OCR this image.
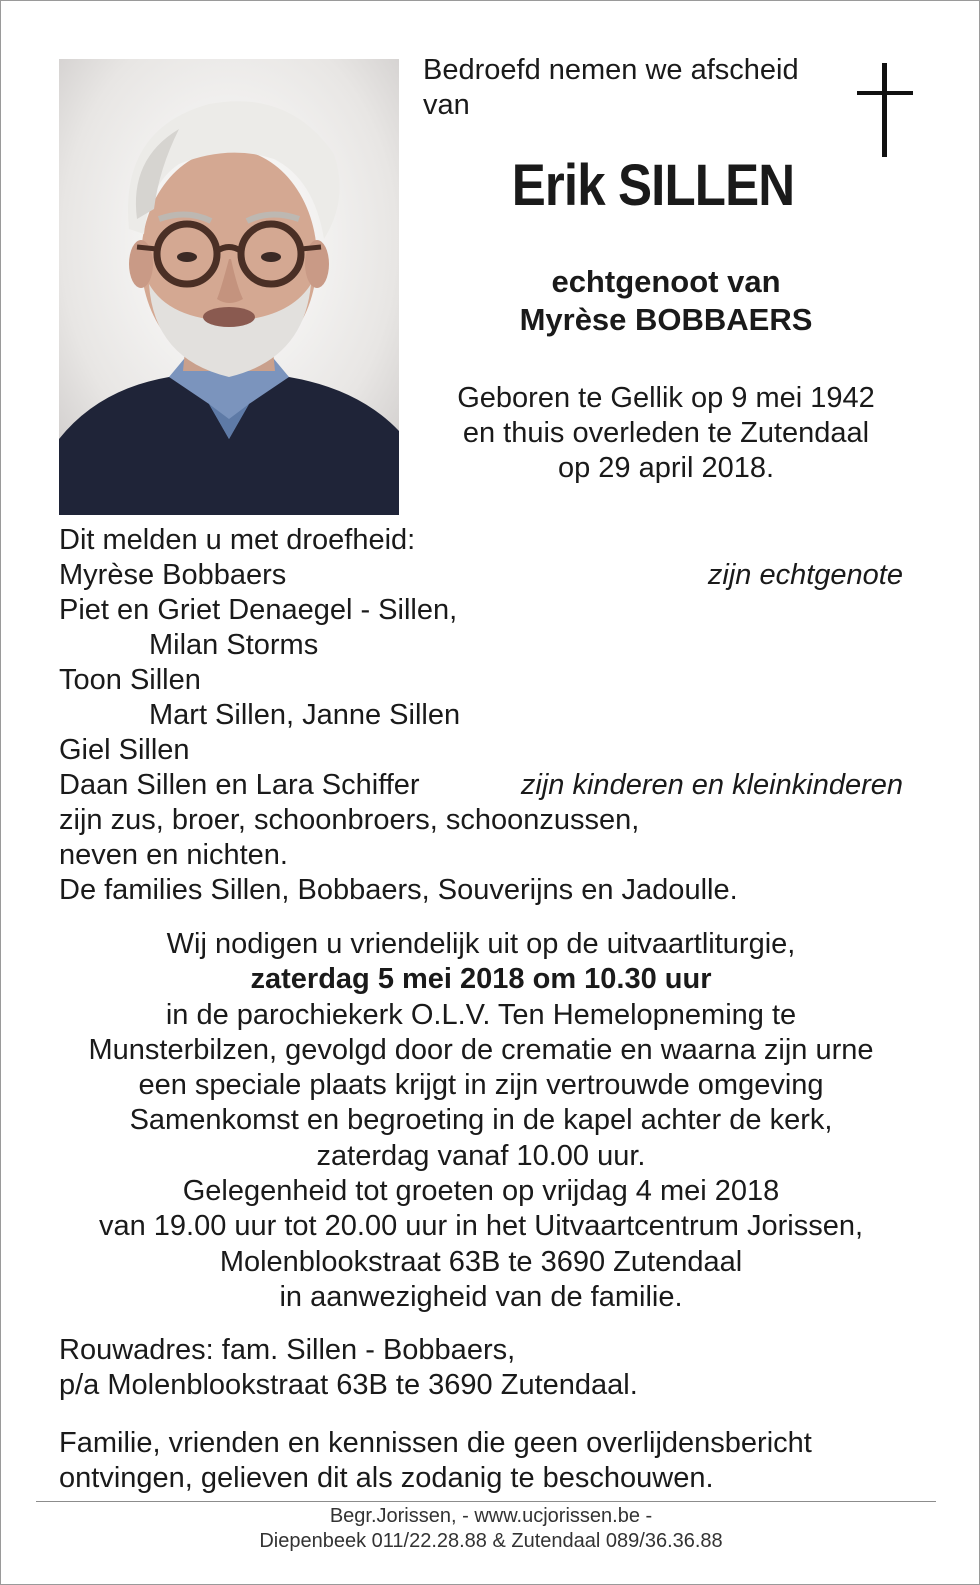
Bedroefd nemen we afscheid
van
Erik SILLEN
echtgenoot van
Myrèse BOBBAERS
Geboren te Gellik op 9 mei 1942
en thuis overleden te Zutendaal
op 29 april 2018.
Dit melden u met droefheid:
Myrèse Bobbaers	zijn echtgenote
Piet en Griet Denaegel - Sillen,
Milan Storms
Toon Sillen
Mart Sillen, Janne Sillen
Giel Sillen
Daan Sillen en Lara Schiffer	zijn kinderen en kleinkinderen
zijn zus, broer, schoonbroers, schoonzussen,
neven en nichten.
De families Sillen, Bobbaers, Souverijns en Jadoulle.
Wij nodigen u vriendelijk uit op de uitvaartliturgie,
zaterdag 5 mei 2018 om 10.30 uur
in de parochiekerk O.L.V. Ten Hemelopneming te
Munsterbilzen, gevolgd door de crematie en waarna zijn urne
een speciale plaats krijgt in zijn vertrouwde omgeving
Samenkomst en begroeting in de kapel achter de kerk,
zaterdag vanaf 10.00 uur.
Gelegenheid tot groeten op vrijdag 4 mei 2018
van 19.00 uur tot 20.00 uur in het Uitvaartcentrum Jorissen,
Molenblookstraat 63B te 3690 Zutendaal
in aanwezigheid van de familie.
Rouwadres: fam. Sillen - Bobbaers,
p/a Molenblookstraat 63B te 3690 Zutendaal.
Familie, vrienden en kennissen die geen overlijdensbericht
ontvingen, gelieven dit als zodanig te beschouwen.
Begr.Jorissen, - www.ucjorissen.be -
Diepenbeek 011/22.28.88 & Zutendaal 089/36.36.88
